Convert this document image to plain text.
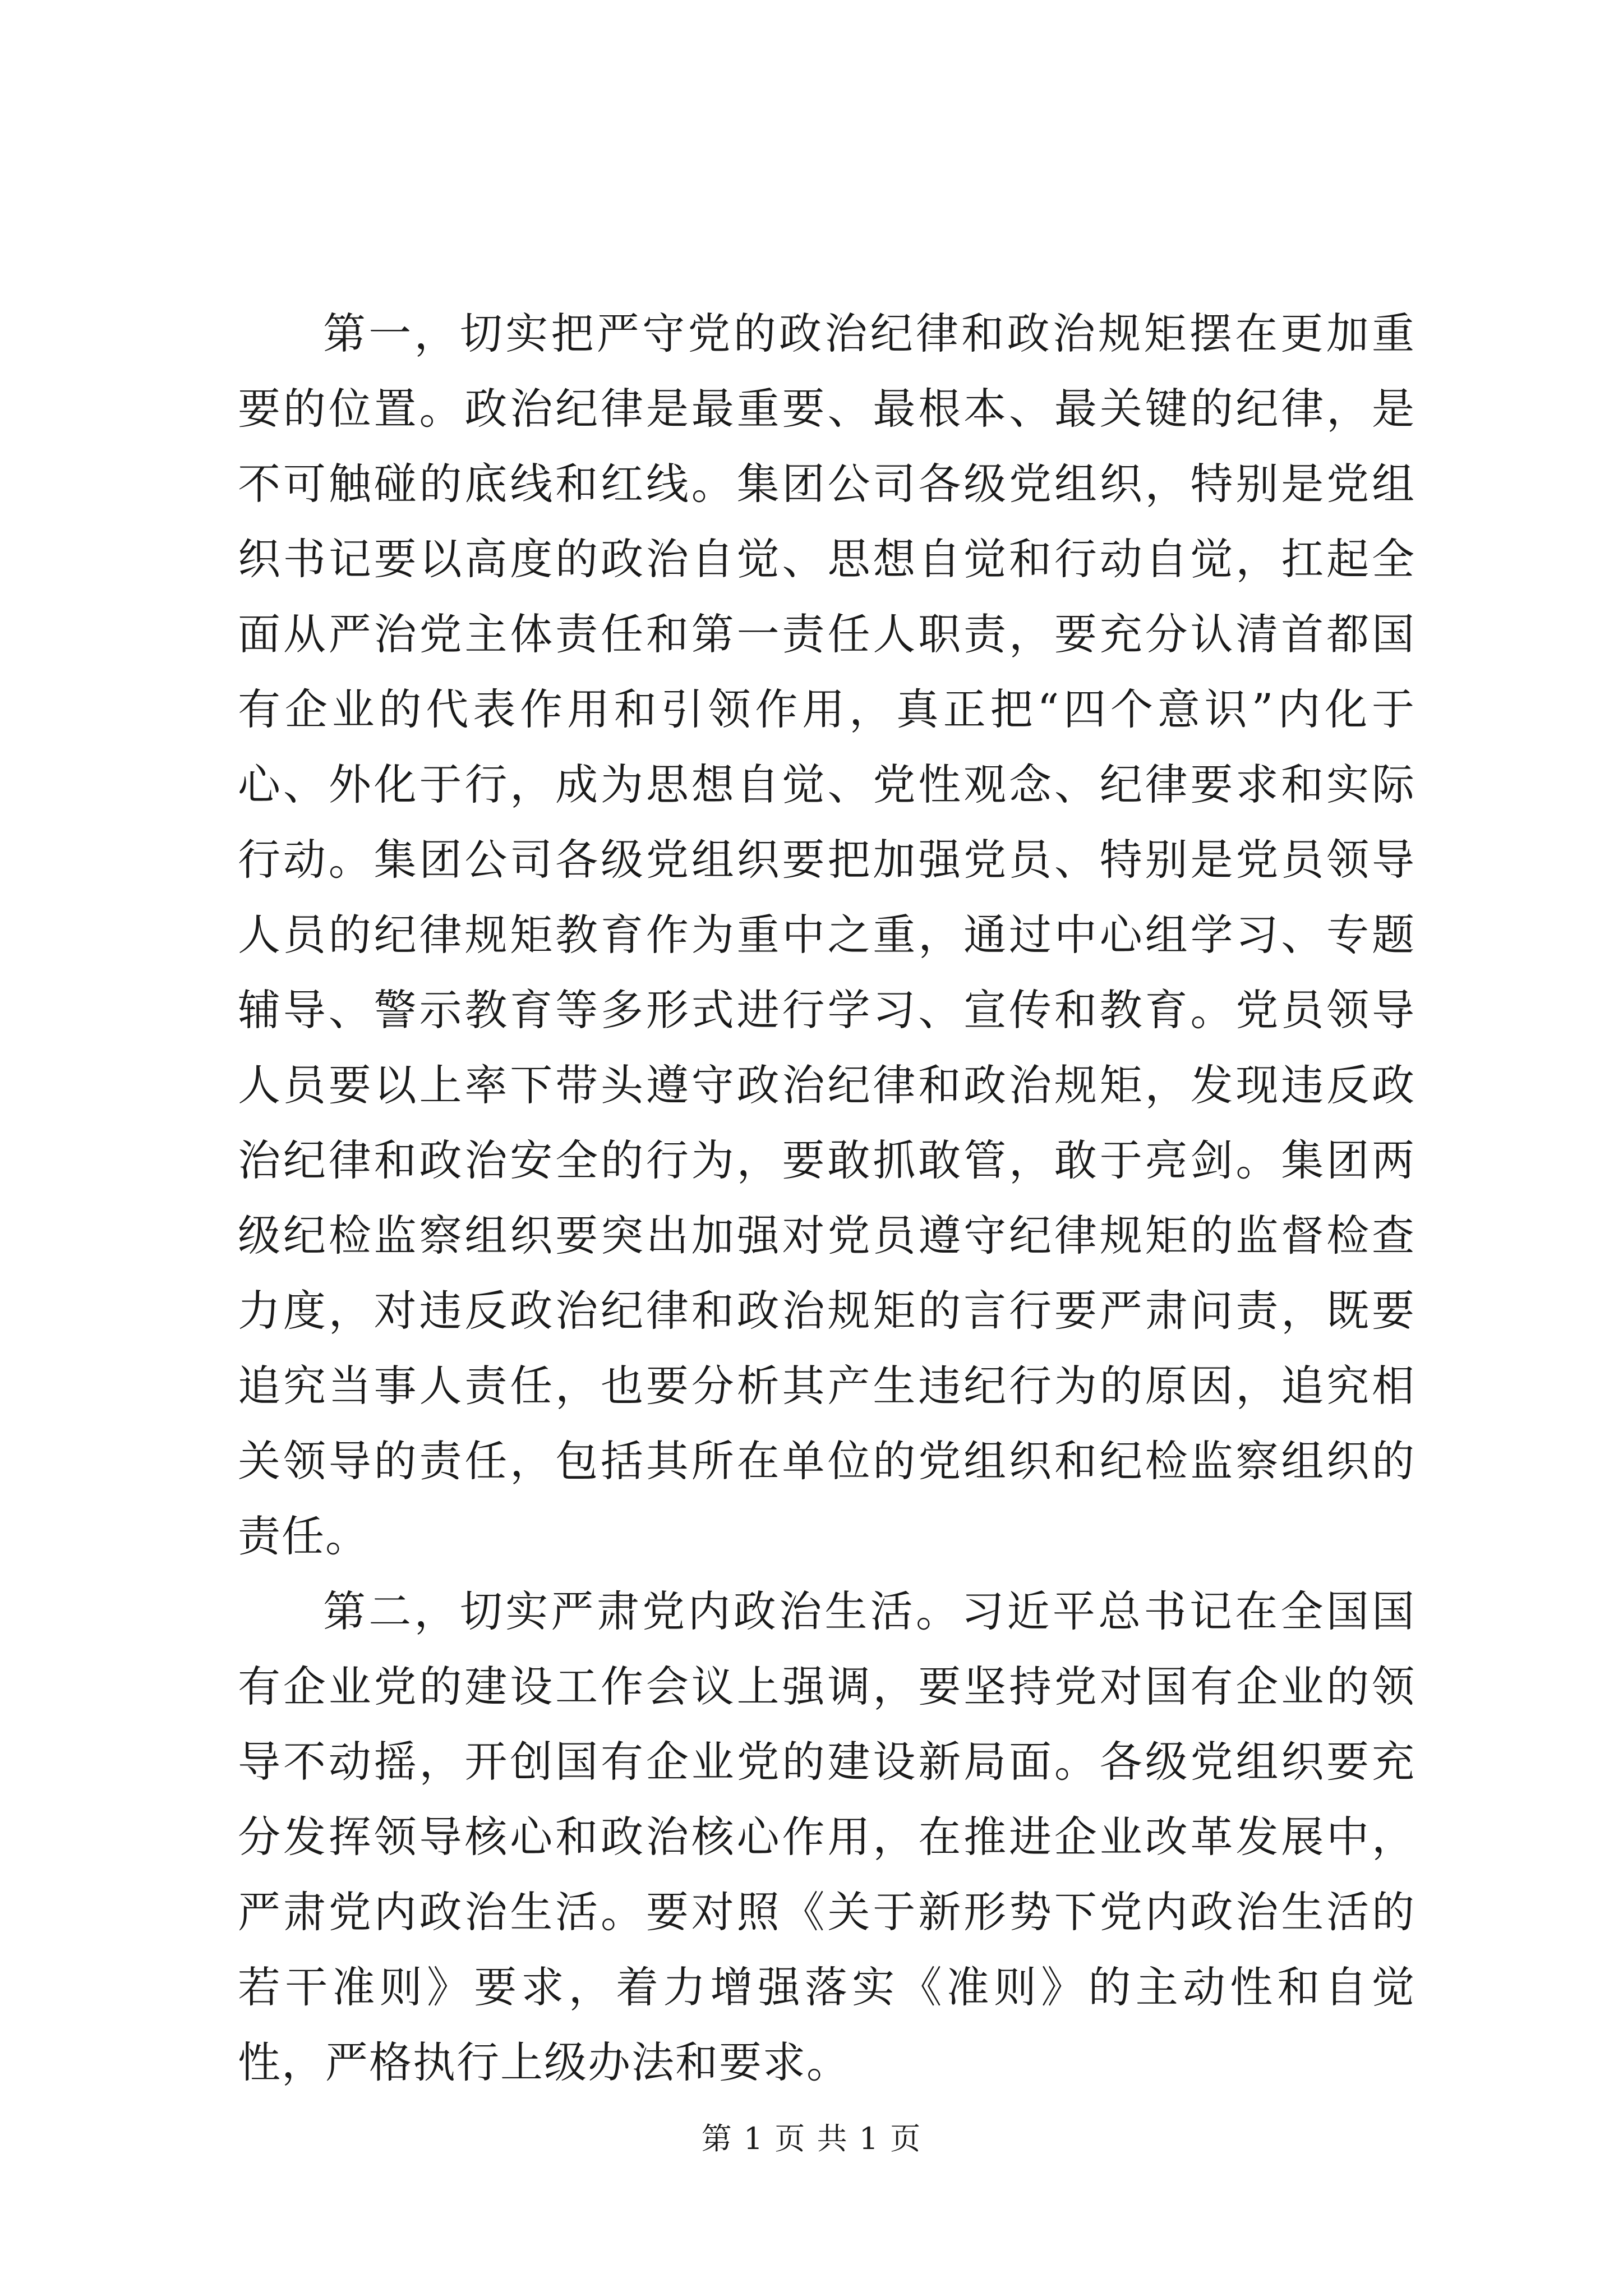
第一，切实把严守党的政治纪律和政治规矩摆在更加重要的位置。政治纪律是最重要、最根本、最关键的纪律，是不可触碰的底线和红线。集团公司各级党组织，特别是党组织书记要以高度的政治自觉、思想自觉和行动自觉，扛起全面从严治党主体责任和第一责任人职责，要充分认清首都国有企业的代表作用和引领作用，真正把“四个意识”内化于心、外化于行，成为思想自觉、党性观念、纪律要求和实际行动。集团公司各级党组织要把加强党员、特别是党员领导人员的纪律规矩教育作为重中之重，通过中心组学习、专题辅导、警示教育等多形式进行学习、宣传和教育。党员领导人员要以上率下带头遵守政治纪律和政治规矩，发现违反政治纪律和政治安全的行为，要敢抓敢管，敢于亮剑。集团两级纪检监察组织要突出加强对党员遵守纪律规矩的监督检查力度，对违反政治纪律和政治规矩的言行要严肃问责，既要追究当事人责任，也要分析其产生违纪行为的原因，追究相关领导的责任，包括其所在单位的党组织和纪检监察组织的责任。

第二，切实严肃党内政治生活。习近平总书记在全国国有企业党的建设工作会议上强调，要坚持党对国有企业的领导不动摇，开创国有企业党的建设新局面。各级党组织要充分发挥领导核心和政治核心作用，在推进企业改革发展中，严肃党内政治生活。要对照《关于新形势下党内政治生活的若干准则》要求，着力增强落实《准则》的主动性和自觉性，严格执行上级办法和要求。

第 1 页 共 1 页
